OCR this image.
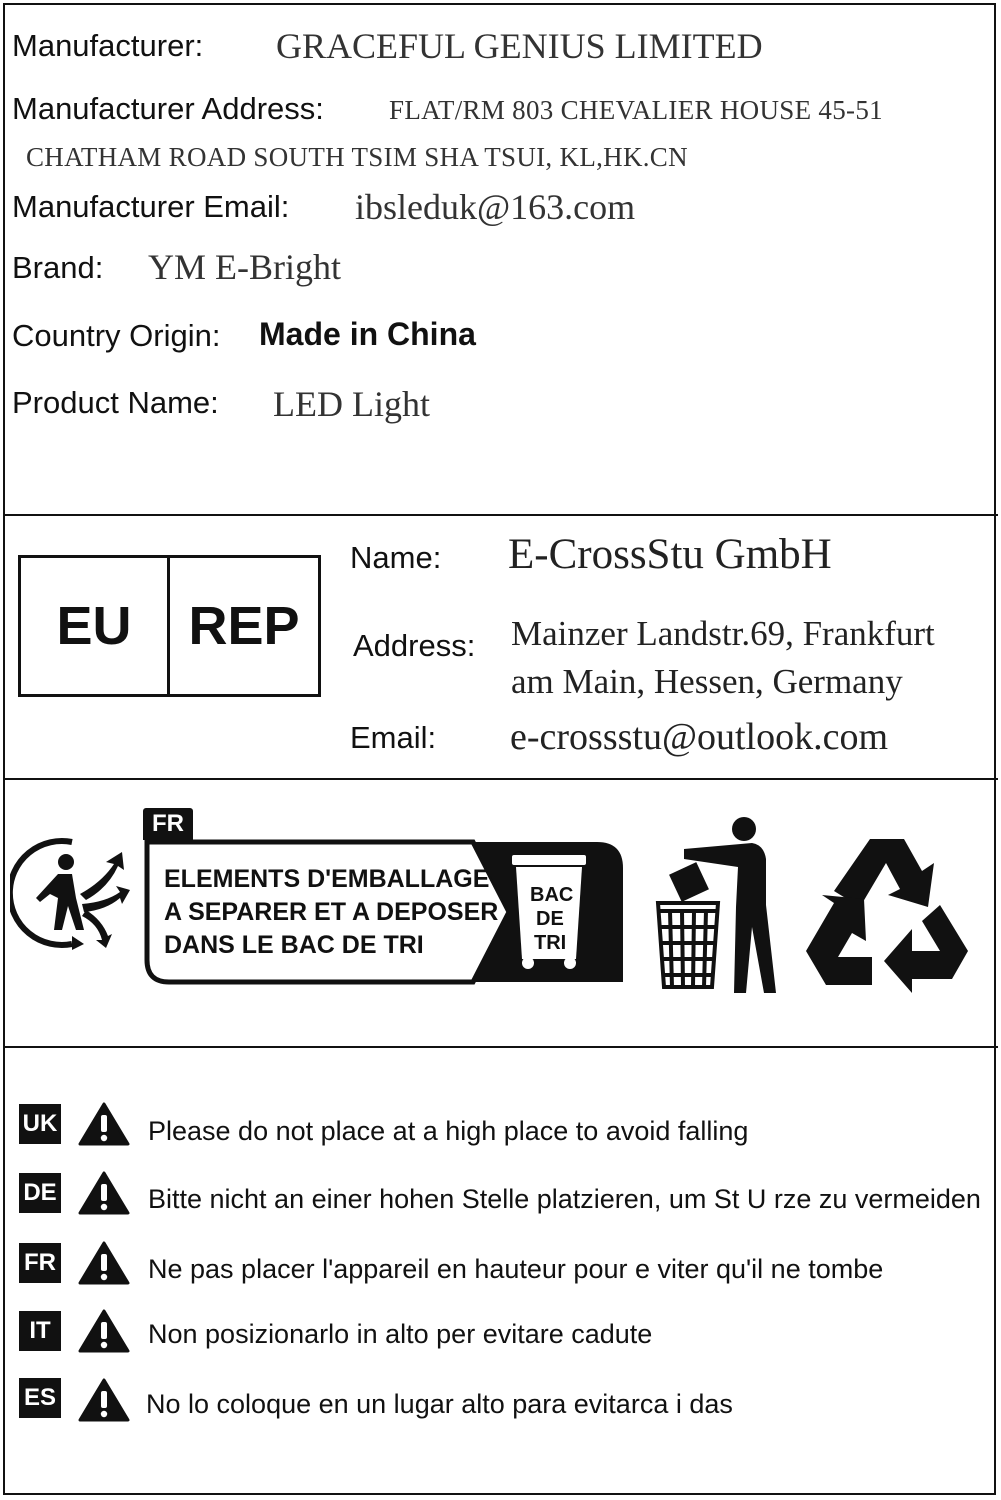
Manufacturer: GRACEFUL GENIUS LIMITED
Manufacturer Address: FLAT/RM 803 CHEVALIER HOUSE 45-51
CHATHAM ROAD SOUTH TSIM SHA TSUI, KL,HK.CN
Manufacturer Email: ibsleduk@163.com
Brand: YM E-Bright
Country Origin: Made in China
Product Name: LED Light
EU	REP
Name: E-CrossStu GmbH
Address: Mainzer Landstr.69, Frankfurt
am Main, Hessen, Germany
Email: e-crossstu@outlook.com
FR
ELEMENTS D'EMBALLAGE
A SEPARER ET A DEPOSER
DANS LE BAC DE TRI
BAC
DE
TRI
UK	Please do not place at a high place to avoid falling
DE	Bitte nicht an einer hohen Stelle platzieren, um St U rze zu vermeiden
FR	Ne pas placer l'appareil en hauteur pour e viter qu'il ne tombe
IT	Non posizionarlo in alto per evitare cadute
ES	No lo coloque en un lugar alto para evitarca i das
